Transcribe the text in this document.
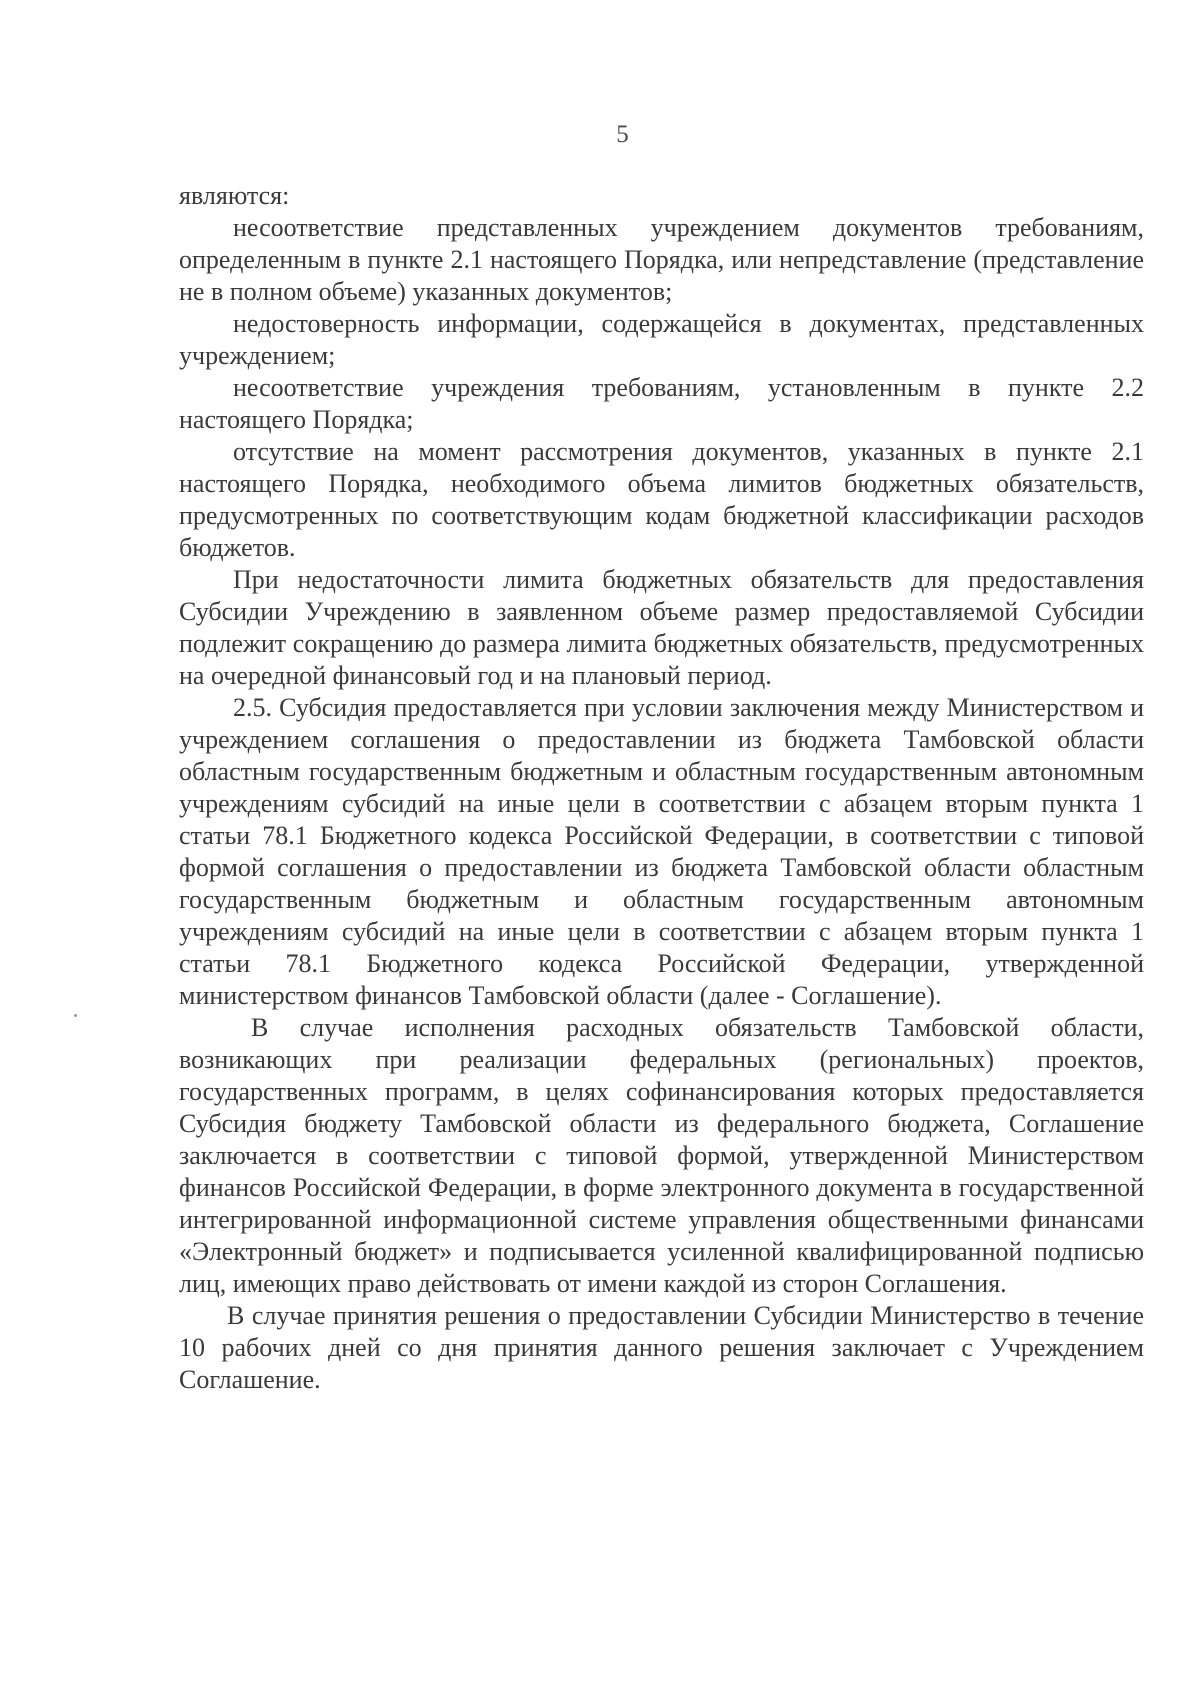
5

являются:

несоответствие представленных учреждением документов требованиям, определенным в пункте 2.1 настоящего Порядка, или непредставление (представление не в полном объеме) указанных документов;

недостоверность информации, содержащейся в документах, представленных учреждением;

несоответствие учреждения требованиям, установленным в пункте 2.2 настоящего Порядка;

отсутствие на момент рассмотрения документов, указанных в пункте 2.1 настоящего Порядка, необходимого объема лимитов бюджетных обязательств, предусмотренных по соответствующим кодам бюджетной классификации расходов бюджетов.

При недостаточности лимита бюджетных обязательств для предоставления Субсидии Учреждению в заявленном объеме размер предоставляемой Субсидии подлежит сокращению до размера лимита бюджетных обязательств, предусмотренных на очередной финансовый год и на плановый период.

2.5. Субсидия предоставляется при условии заключения между Министерством и учреждением соглашения о предоставлении из бюджета Тамбовской области областным государственным бюджетным и областным государственным автономным учреждениям субсидий на иные цели в соответствии с абзацем вторым пункта 1 статьи 78.1 Бюджетного кодекса Российской Федерации, в соответствии с типовой формой соглашения о предоставлении из бюджета Тамбовской области областным государственным бюджетным и областным государственным автономным учреждениям субсидий на иные цели в соответствии с абзацем вторым пункта 1 статьи 78.1 Бюджетного кодекса Российской Федерации, утвержденной министерством финансов Тамбовской области (далее - Соглашение).

В случае исполнения расходных обязательств Тамбовской области, возникающих при реализации федеральных (региональных) проектов, государственных программ, в целях софинансирования которых предоставляется Субсидия бюджету Тамбовской области из федерального бюджета, Соглашение заключается в соответствии с типовой формой, утвержденной Министерством финансов Российской Федерации, в форме электронного документа в государственной интегрированной информационной системе управления общественными финансами «Электронный бюджет» и подписывается усиленной квалифицированной подписью лиц, имеющих право действовать от имени каждой из сторон Соглашения.

В случае принятия решения о предоставлении Субсидии Министерство в течение 10 рабочих дней со дня принятия данного решения заключает с Учреждением Соглашение.
